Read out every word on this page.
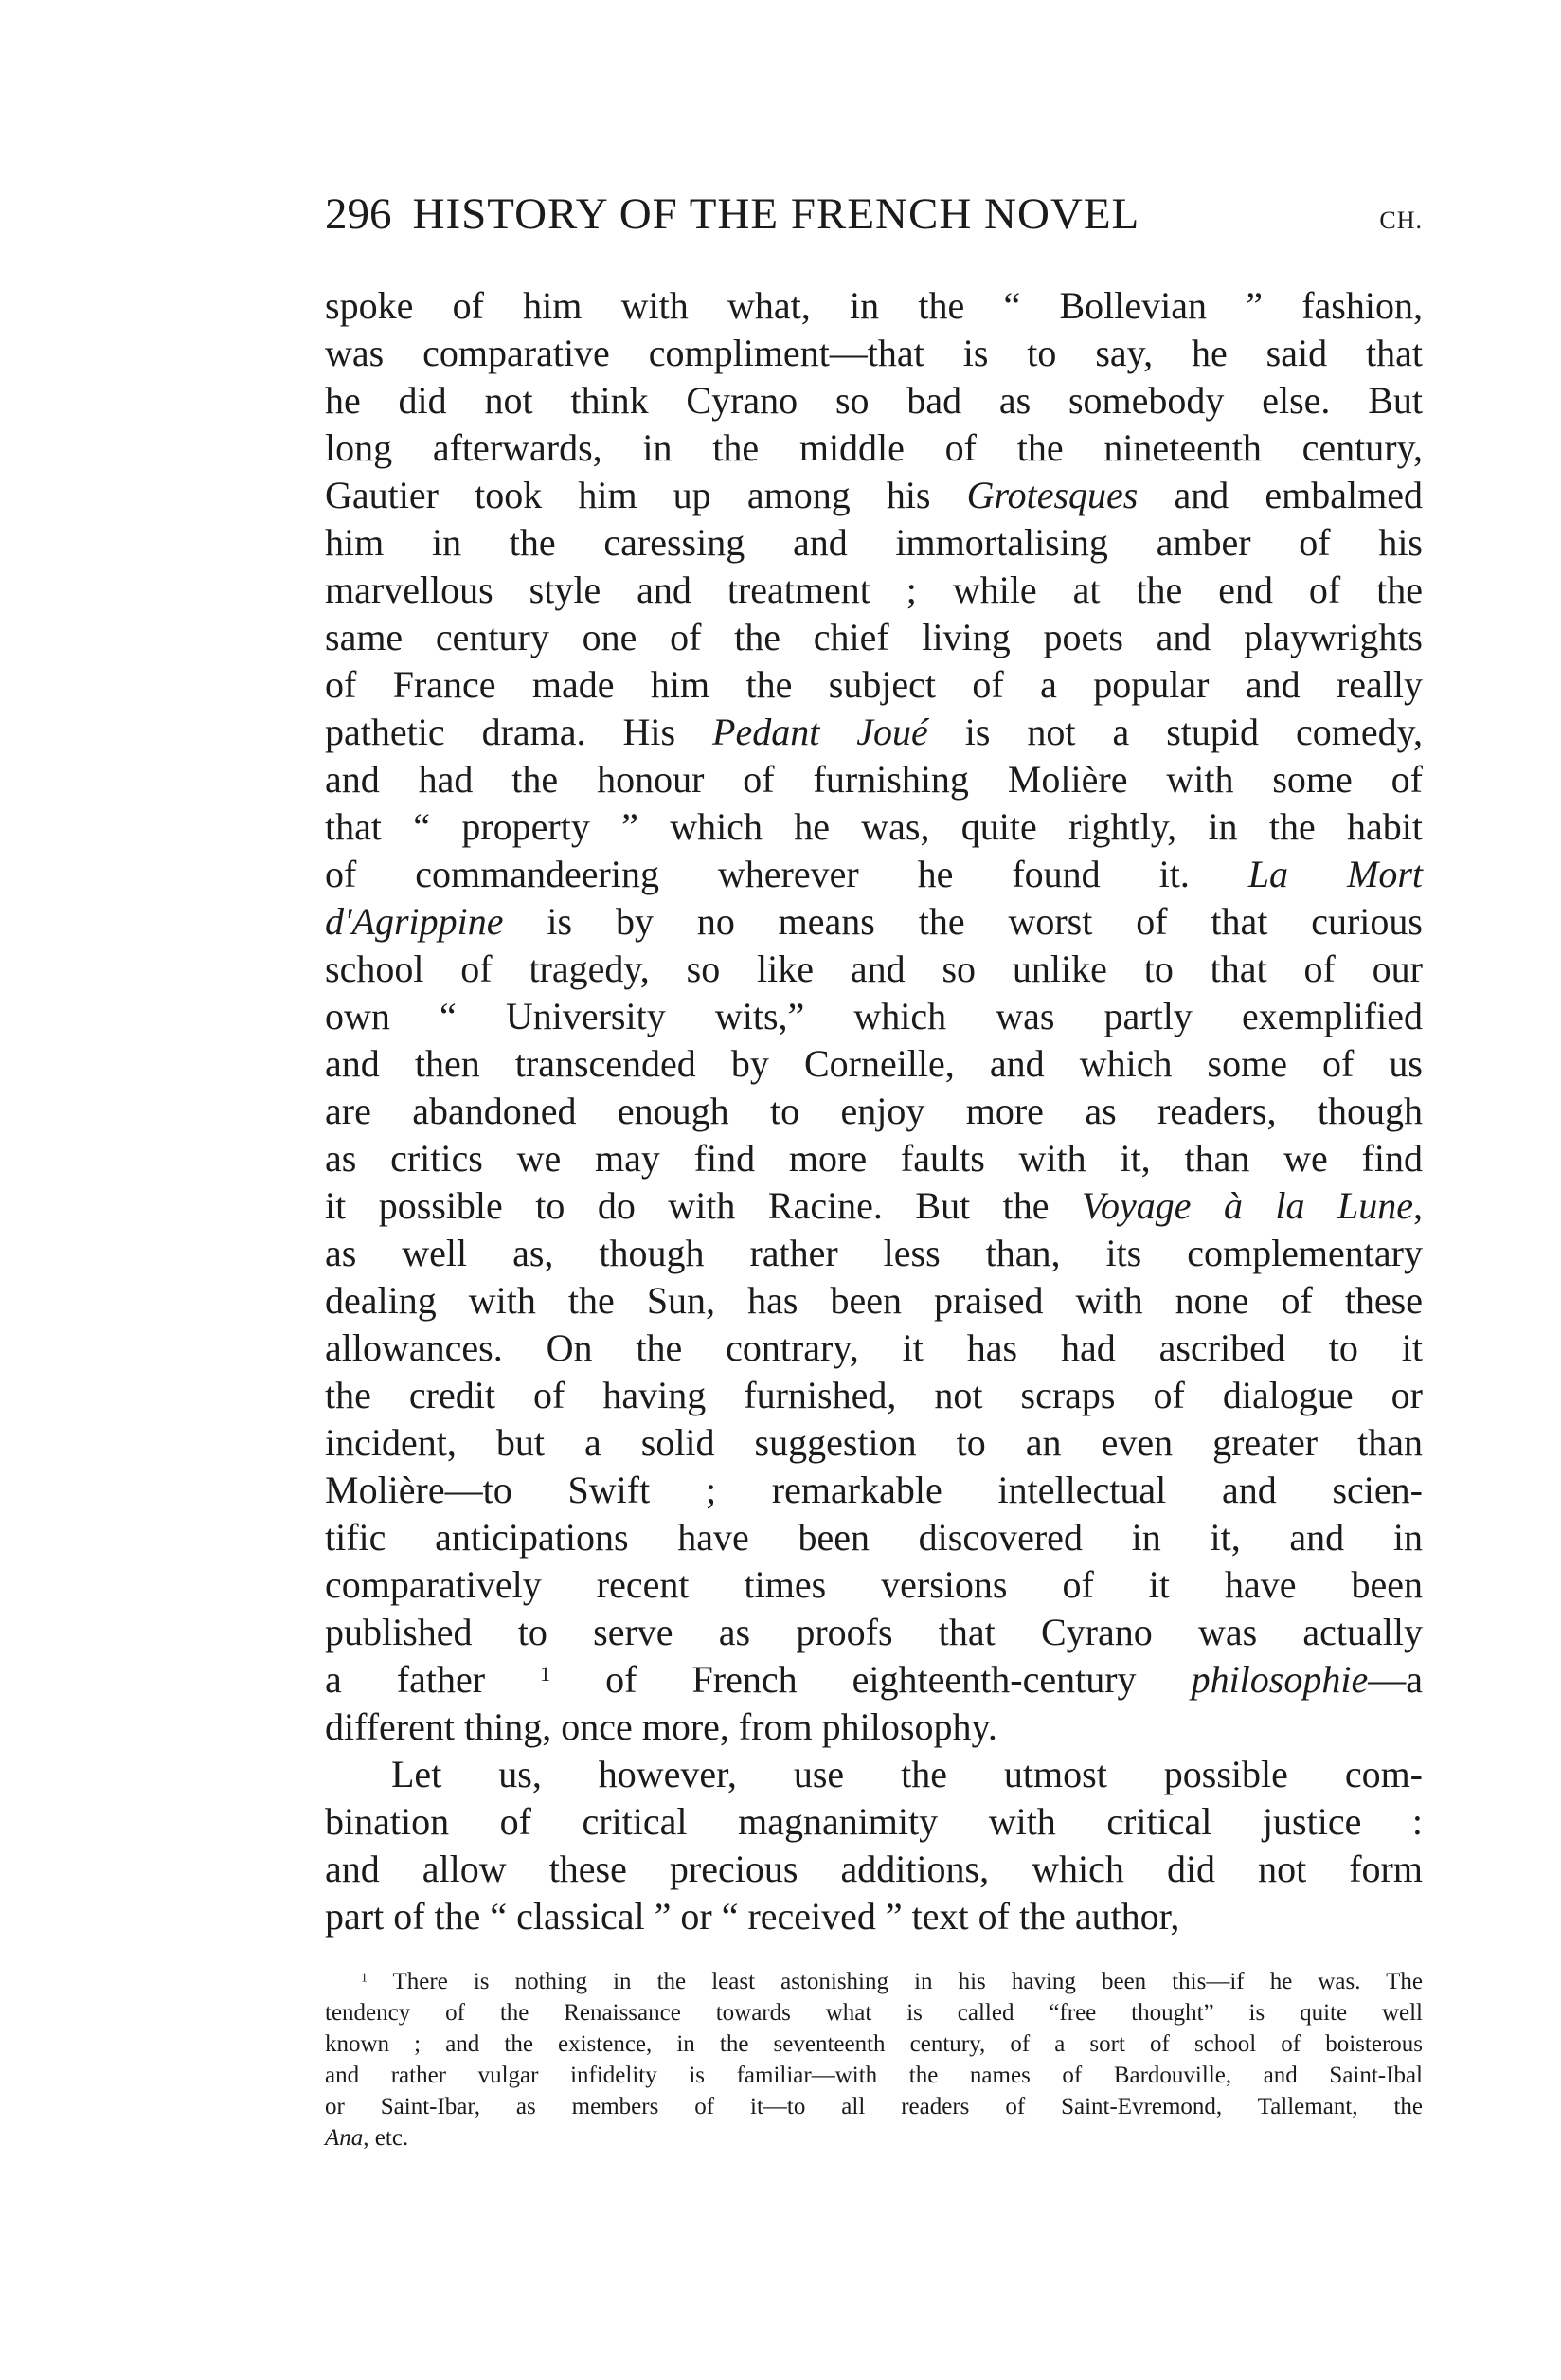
296 HISTORY OF THE FRENCH NOVEL	CH.
spoke of him with what, in the “ Bollevian ” fashion,
was comparative compliment—that is to say, he said that
he did not think Cyrano so bad as somebody else. But
long afterwards, in the middle of the nineteenth century,
Gautier took him up among his Grotesques and embalmed
him in the caressing and immortalising amber of his
marvellous style and treatment ; while at the end of the
same century one of the chief living poets and playwrights
of France made him the subject of a popular and really
pathetic drama. His Pedant Joué is not a stupid comedy,
and had the honour of furnishing Molière with some of
that “ property ” which he was, quite rightly, in the habit
of commandeering wherever he found it. La Mort
d'Agrippine is by no means the worst of that curious
school of tragedy, so like and so unlike to that of our
own “ University wits,” which was partly exemplified
and then transcended by Corneille, and which some of us
are abandoned enough to enjoy more as readers, though
as critics we may find more faults with it, than we find
it possible to do with Racine. But the Voyage à la Lune,
as well as, though rather less than, its complementary
dealing with the Sun, has been praised with none of these
allowances. On the contrary, it has had ascribed to it
the credit of having furnished, not scraps of dialogue or
incident, but a solid suggestion to an even greater than
Molière—to Swift ; remarkable intellectual and scien-
tific anticipations have been discovered in it, and in
comparatively recent times versions of it have been
published to serve as proofs that Cyrano was actually
a father $^1$ of French eighteenth-century philosophie—a
different thing, once more, from philosophy.
Let us, however, use the utmost possible com-
bination of critical magnanimity with critical justice :
and allow these precious additions, which did not form
part of the “ classical ” or “ received ” text of the author,
$^1$ There is nothing in the least astonishing in his having been this—if he was. The
tendency of the Renaissance towards what is called “free thought” is quite well
known ; and the existence, in the seventeenth century, of a sort of school of boisterous
and rather vulgar infidelity is familiar—with the names of Bardouville, and Saint-Ibal
or Saint-Ibar, as members of it—to all readers of Saint-Evremond, Tallemant, the
Ana, etc.
